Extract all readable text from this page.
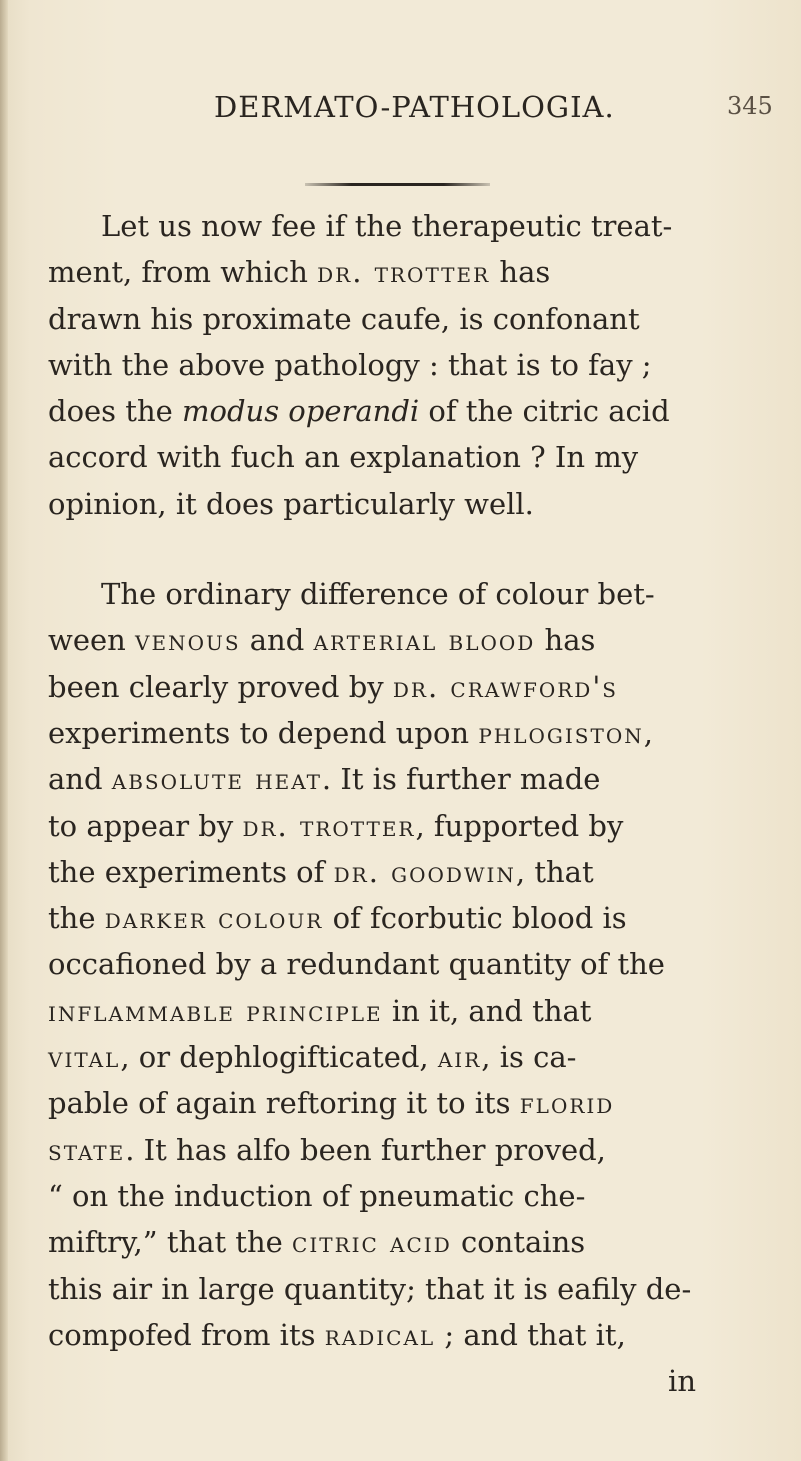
DERMATO-PATHOLOGIA.	345

Let us now fee if the therapeutic treat-
ment, from which dr. trotter has
drawn his proximate caufe, is confonant
with the above pathology : that is to fay ;
does the modus operandi of the citric acid
accord with fuch an explanation ? In my
opinion, it does particularly well.

The ordinary difference of colour bet-
ween venous and arterial blood has
been clearly proved by dr. crawford's
experiments to depend upon phlogiston,
and absolute heat. It is further made
to appear by dr. trotter, fupported by
the experiments of dr. goodwin, that
the darker colour of fcorbutic blood is
occafioned by a redundant quantity of the
inflammable principle in it, and that
vital, or dephlogifticated, air, is ca-
pable of again reftoring it to its florid
state. It has alfo been further proved,
“ on the induction of pneumatic che-
miftry,” that the citric acid contains
this air in large quantity; that it is eafily de-
compofed from its radical ; and that it,

in
